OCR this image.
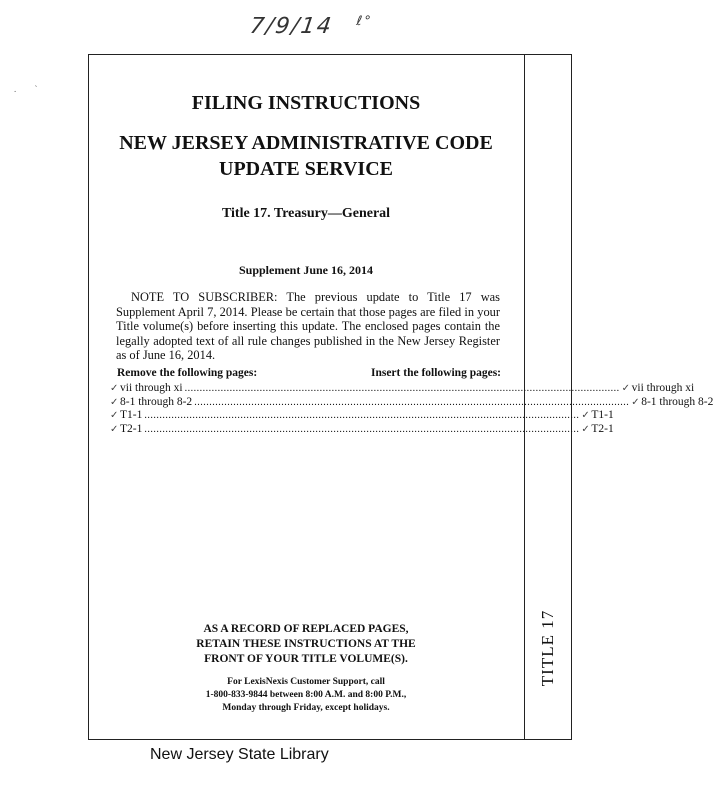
7/9/14 $^{\ell^\circ}$
. ˋ
TITLE 17
FILING INSTRUCTIONS
NEW JERSEY ADMINISTRATIVE CODE
UPDATE SERVICE
Title 17. Treasury—General
Supplement June 16, 2014
NOTE TO SUBSCRIBER: The previous update to Title 17 was Supplement April 7, 2014. Please be certain that those pages are filed in your Title volume(s) before inserting this update. The enclosed pages contain the legally adopted text of all rule changes published in the New Jersey Register as of June 16, 2014.
Remove the following pages:	Insert the following pages:
✓ vii through xi ................................................................................................................................................. ✓ vii through xi
✓ 8-1 through 8-2 ................................................................................................................................................. ✓ 8-1 through 8-2
✓ T1-1 ................................................................................................................................................. ✓ T1-1
✓ T2-1 ................................................................................................................................................. ✓ T2-1
AS A RECORD OF REPLACED PAGES,
RETAIN THESE INSTRUCTIONS AT THE
FRONT OF YOUR TITLE VOLUME(S).
For LexisNexis Customer Support, call
1-800-833-9844 between 8:00 A.M. and 8:00 P.M.,
Monday through Friday, except holidays.
New Jersey State Library
